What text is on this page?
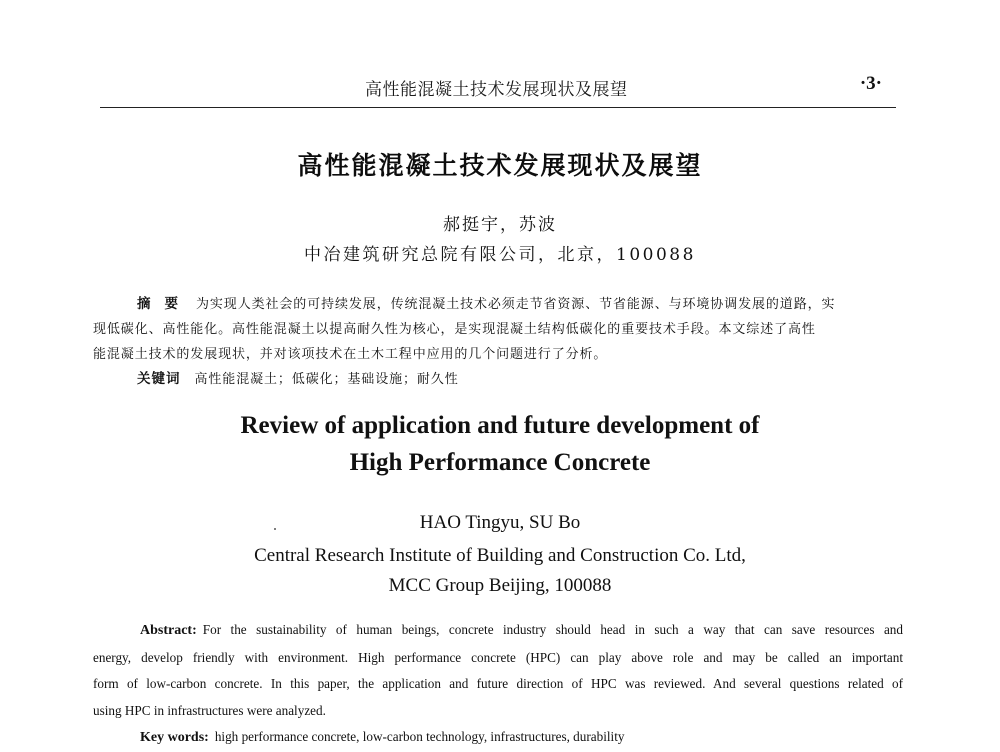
高性能混凝土技术发展现状及展望	·3·
高性能混凝土技术发展现状及展望
郝挺宇，苏波
中冶建筑研究总院有限公司，北京，100088
摘要 为实现人类社会的可持续发展，传统混凝土技术必须走节省资源、节省能源、与环境协调发展的道路，实
现低碳化、高性能化。高性能混凝土以提高耐久性为核心，是实现混凝土结构低碳化的重要技术手段。本文综述了高性
能混凝土技术的发展现状，并对该项技术在土木工程中应用的几个问题进行了分析。
关键词 高性能混凝土；低碳化；基础设施；耐久性
Review of application and future development of
High Performance Concrete
HAO Tingyu, SU Bo
Central Research Institute of Building and Construction Co. Ltd,
MCC Group Beijing, 100088
Abstract: For the sustainability of human beings, concrete industry should head in such a way that can save resources and
energy, develop friendly with environment. High performance concrete (HPC) can play above role and may be called an important
form of low-carbon concrete. In this paper, the application and future direction of HPC was reviewed. And several questions related of
using HPC in infrastructures were analyzed.
Key words: high performance concrete, low-carbon technology, infrastructures, durability
